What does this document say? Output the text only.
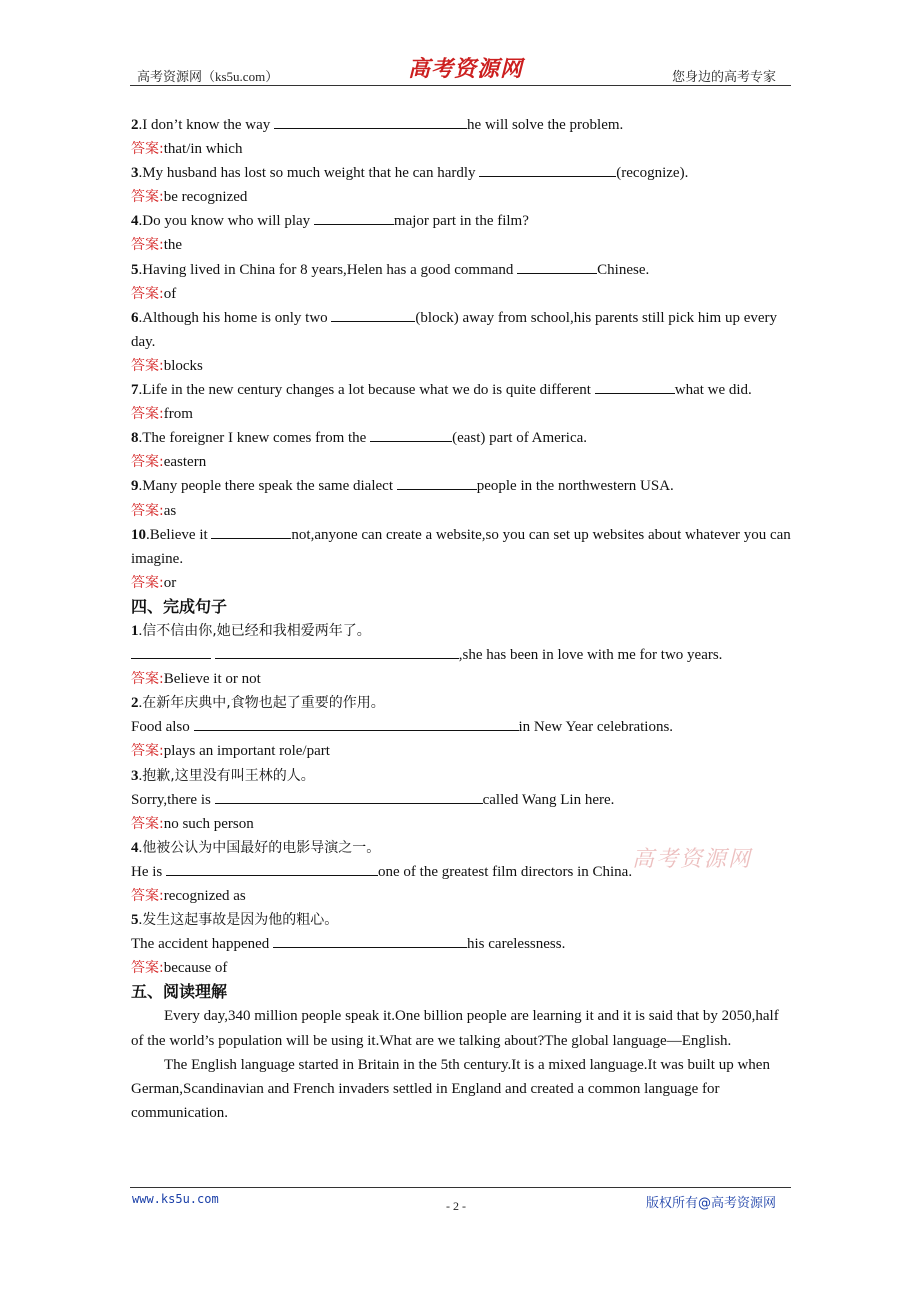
高考资源网（ks5u.com）	高考资源网	您身边的高考专家
2.I don’t know the way	he will solve the problem.
答案:that/in which
3.My husband has lost so much weight that he can hardly	(recognize).
答案:be recognized
4.Do you know who will play	major part in the film?
答案:the
5.Having lived in China for 8 years,Helen has a good command	Chinese.
答案:of
6.Although his home is only two	(block) away from school,his parents still pick him up every day.
答案:blocks
7.Life in the new century changes a lot because what we do is quite different	what we did.
答案:from
8.The foreigner I knew comes from the	(east) part of America.
答案:eastern
9.Many people there speak the same dialect	people in the northwestern USA.
答案:as
10.Believe it	not,anyone can create a website,so you can set up websites about whatever you can imagine.
答案:or
四、完成句子
1.信不信由你,她已经和我相爱两年了。
,she has been in love with me for two years.
答案:Believe it or not
2.在新年庆典中,食物也起了重要的作用。
Food also	in New Year celebrations.
答案:plays an important role/part
3.抱歉,这里没有叫王林的人。
Sorry,there is	called Wang Lin here.
答案:no such person
4.他被公认为中国最好的电影导演之一。
He is	one of the greatest film directors in China.
答案:recognized as
5.发生这起事故是因为他的粗心。
The accident happened	his carelessness.
答案:because of
五、阅读理解
Every day,340 million people speak it.One billion people are learning it and it is said that by 2050,half of the world’s population will be using it.What are we talking about?The global language—English.
The English language started in Britain in the 5th century.It is a mixed language.It was built up when German,Scandinavian and French invaders settled in England and created a common language for communication.
高考资源网
www.ks5u.com	- 2 -	版权所有@高考资源网
